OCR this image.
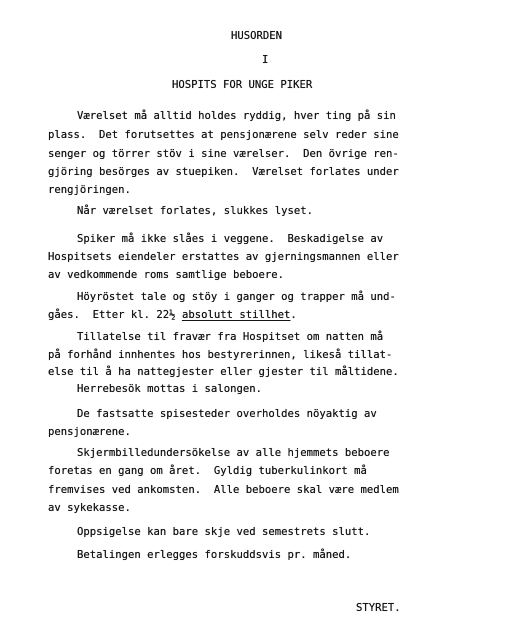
HUSORDEN
I
HOSPITS FOR UNGE PIKER
Værelset må alltid holdes ryddig, hver ting på sin
plass.  Det forutsettes at pensjonærene selv reder sine
senger og törrer stöv i sine værelser.  Den övrige ren-
gjöring besörges av stuepiken.  Værelset forlates under
rengjöringen.
Når værelset forlates, slukkes lyset.
Spiker må ikke slåes i veggene.  Beskadigelse av
Hospitsets eiendeler erstattes av gjerningsmannen eller
av vedkommende roms samtlige beboere.
Höyröstet tale og stöy i ganger og trapper må und-
gåes.  Etter kl. 22½ absolutt stillhet.
Tillatelse til fravær fra Hospitset om natten må
på forhånd innhentes hos bestyrerinnen, likeså tillat-
else til å ha nattegjester eller gjester til måltidene.
Herrebesök mottas i salongen.
De fastsatte spisesteder overholdes nöyaktig av
pensjonærene.
Skjermbilledundersökelse av alle hjemmets beboere
foretas en gang om året.  Gyldig tuberkulinkort må
fremvises ved ankomsten.  Alle beboere skal være medlem
av sykekasse.
Oppsigelse kan bare skje ved semestrets slutt.
Betalingen erlegges forskuddsvis pr. måned.
STYRET.
